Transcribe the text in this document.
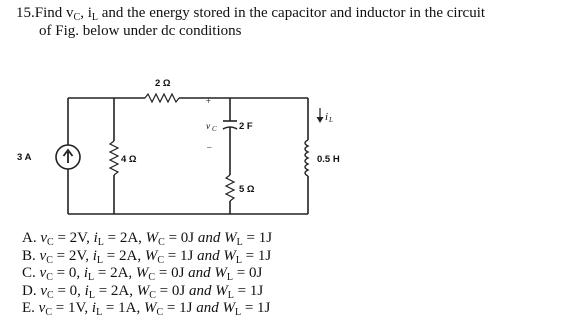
15.Find $v_C$, $i_L$ and the energy stored in the capacitor and inductor in the circuit
of Fig. below under dc conditions
3 A
2 Ω
4 Ω
5 Ω
2 F
+
v C
−
0.5 H
i L
A. $v_C = 2V$, $i_L = 2A$, $W_C = 0J$ and $W_L = 1J$
B. $v_C = 2V$, $i_L = 2A$, $W_C = 1J$ and $W_L = 1J$
C. $v_C = 0$, $i_L = 2A$, $W_C = 0J$ and $W_L = 0J$
D. $v_C = 0$, $i_L = 2A$, $W_C = 0J$ and $W_L = 1J$
E. $v_C = 1V$, $i_L = 1A$, $W_C = 1J$ and $W_L = 1J$
